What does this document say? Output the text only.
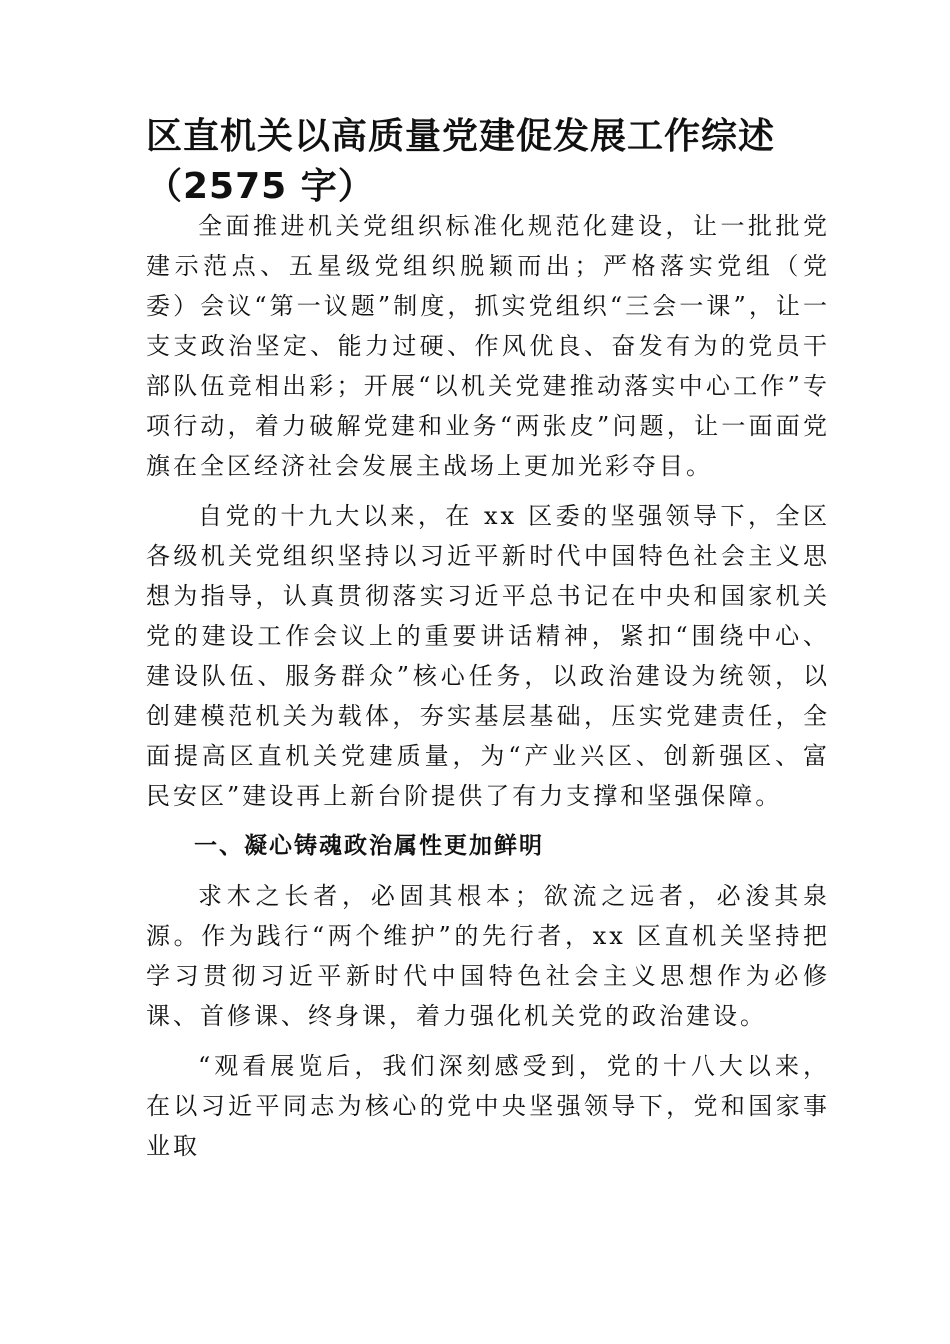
区直机关以高质量党建促发展工作综述（2575 字）

全面推进机关党组织标准化规范化建设，让一批批党建示范点、五星级党组织脱颖而出；严格落实党组（党委）会议“第一议题”制度，抓实党组织“三会一课”，让一支支政治坚定、能力过硬、作风优良、奋发有为的党员干部队伍竞相出彩；开展“以机关党建推动落实中心工作”专项行动，着力破解党建和业务“两张皮”问题，让一面面党旗在全区经济社会发展主战场上更加光彩夺目。

自党的十九大以来，在 xx 区委的坚强领导下，全区各级机关党组织坚持以习近平新时代中国特色社会主义思想为指导，认真贯彻落实习近平总书记在中央和国家机关党的建设工作会议上的重要讲话精神，紧扣“围绕中心、建设队伍、服务群众”核心任务，以政治建设为统领，以创建模范机关为载体，夯实基层基础，压实党建责任，全面提高区直机关党建质量，为“产业兴区、创新强区、富民安区”建设再上新台阶提供了有力支撑和坚强保障。

一、凝心铸魂政治属性更加鲜明

求木之长者，必固其根本；欲流之远者，必浚其泉源。作为践行“两个维护”的先行者，xx 区直机关坚持把学习贯彻习近平新时代中国特色社会主义思想作为必修课、首修课、终身课，着力强化机关党的政治建设。

“观看展览后，我们深刻感受到，党的十八大以来，在以习近平同志为核心的党中央坚强领导下，党和国家事业取
